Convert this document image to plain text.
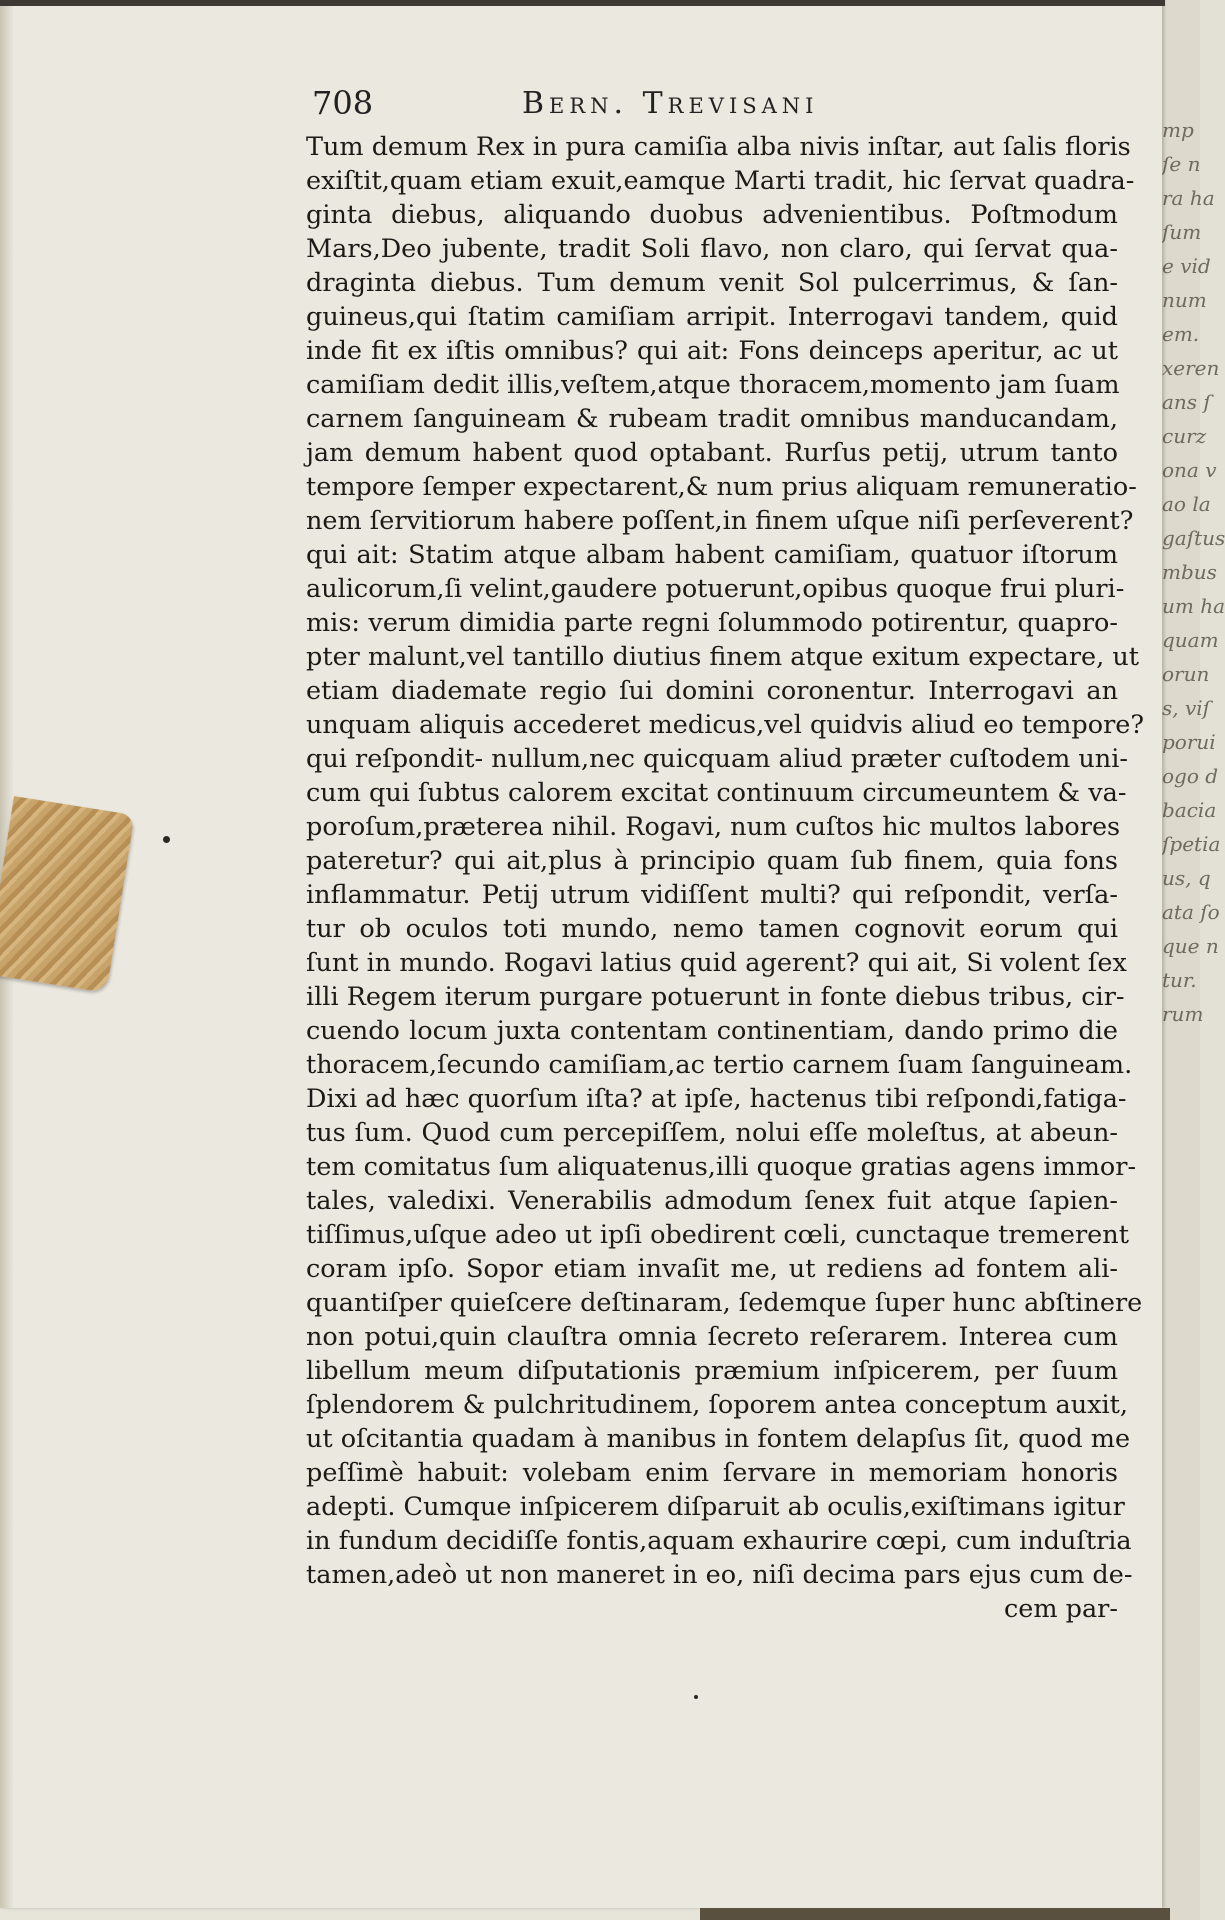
mp
ſe n
ra ha
ſum
e vid
num
em.
xeren
ans ſ
curz
ona v
ao la
gaſtus
mbus
um ha
quam
orun
s, viſ
porui
ogo d
bacia
ſpetia
us, q
ata ſo
que n
tur.
rum
708	Bern. Trevisani
Tum demum Rex in pura camiſia alba nivis inſtar, aut ſalis floris
exiſtit,quam etiam exuit,eamque Marti tradit, hic ſervat quadra-
ginta diebus, aliquando duobus advenientibus. Poſtmodum
Mars,Deo jubente, tradit Soli flavo, non claro, qui ſervat qua-
draginta diebus. Tum demum venit Sol pulcerrimus, & ſan-
guineus,qui ſtatim camiſiam arripit. Interrogavi tandem, quid
inde fit ex iſtis omnibus? qui ait: Fons deinceps aperitur, ac ut
camiſiam dedit illis,veſtem,atque thoracem,momento jam ſuam
carnem ſanguineam & rubeam tradit omnibus manducandam,
jam demum habent quod optabant. Rurſus petij, utrum tanto
tempore ſemper expectarent,& num prius aliquam remuneratio-
nem ſervitiorum habere poſſent,in finem uſque niſi perſeverent?
qui ait: Statim atque albam habent camiſiam, quatuor iſtorum
aulicorum,ſi velint,gaudere potuerunt,opibus quoque frui pluri-
mis: verum dimidia parte regni ſolummodo potirentur, quapro-
pter malunt,vel tantillo diutius finem atque exitum expectare, ut
etiam diademate regio ſui domini coronentur. Interrogavi an
unquam aliquis accederet medicus,vel quidvis aliud eo tempore?
qui reſpondit- nullum,nec quicquam aliud præter cuſtodem uni-
cum qui ſubtus calorem excitat continuum circumeuntem & va-
poroſum,præterea nihil. Rogavi, num cuſtos hic multos labores
pateretur? qui ait,plus à principio quam ſub finem, quia fons
inflammatur. Petij utrum vidiſſent multi? qui reſpondit, verſa-
tur ob oculos toti mundo, nemo tamen cognovit eorum qui
ſunt in mundo. Rogavi latius quid agerent? qui ait, Si volent ſex
illi Regem iterum purgare potuerunt in fonte diebus tribus, cir-
cuendo locum juxta contentam continentiam, dando primo die
thoracem,ſecundo camiſiam,ac tertio carnem ſuam ſanguineam.
Dixi ad hæc quorſum iſta? at ipſe, hactenus tibi reſpondi,fatiga-
tus ſum. Quod cum percepiſſem, nolui eſſe moleſtus, at abeun-
tem comitatus ſum aliquatenus,illi quoque gratias agens immor-
tales, valedixi. Venerabilis admodum ſenex fuit atque ſapien-
tiſſimus,uſque adeo ut ipſi obedirent cœli, cunctaque tremerent
coram ipſo. Sopor etiam invaſit me, ut rediens ad fontem ali-
quantiſper quieſcere deſtinaram, ſedemque ſuper hunc abſtinere
non potui,quin clauſtra omnia ſecreto reſerarem. Interea cum
libellum meum diſputationis præmium inſpicerem, per ſuum
ſplendorem & pulchritudinem, ſoporem antea conceptum auxit,
ut oſcitantia quadam à manibus in fontem delapſus ſit, quod me
peſſimè habuit: volebam enim ſervare in memoriam honoris
adepti. Cumque inſpicerem diſparuit ab oculis,exiſtimans igitur
in fundum decidiſſe fontis,aquam exhaurire cœpi, cum induſtria
tamen,adeò ut non maneret in eo, niſi decima pars ejus cum de-
cem par-
